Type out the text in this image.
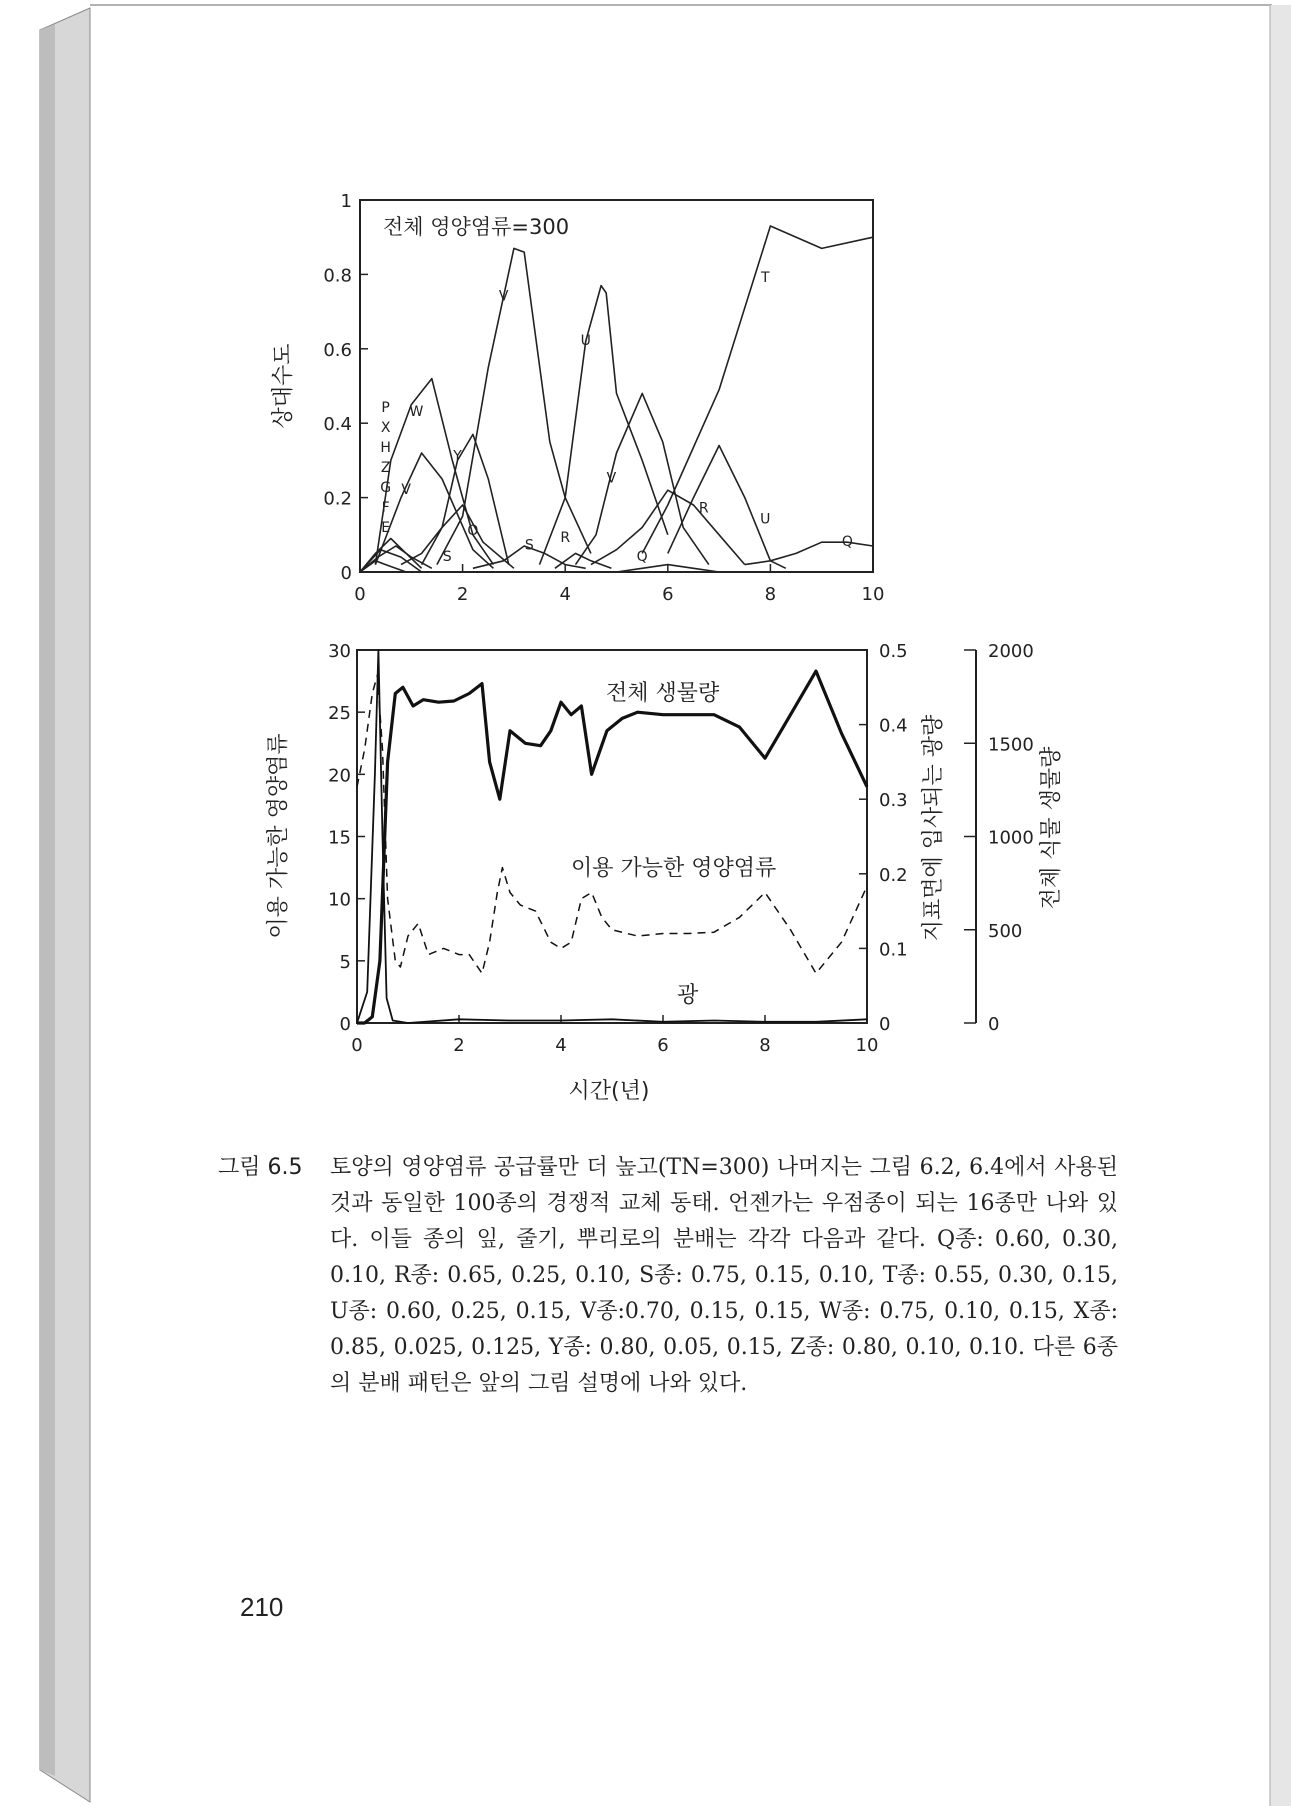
전체 영양염류=300
상대수도
0	2	4	6	8	10
0
0.2
0.4
0.6
0.8
1
T
V
U
W
Y
V
O
S
S R
V
R
U
Q
Q
P
X
H
Z
G
F
E
이용 가능한 영양염류	지표면에 입사되는 광량	전체 식물 생물량
시간(년)
전체 생물량
이용 가능한 영양염류
광
0	2	4	6	8	10
0
5
10
15
20
25
30
0
0.1
0.2
0.3
0.4
0.5
0
500
1000
1500
2000
그림 6.5	토양의 영양염류 공급률만 더 높고(TN=300) 나머지는 그림 6.2, 6.4에서 사용된 것과 동일한 100종의 경쟁적 교체 동태. 언젠가는 우점종이 되는 16종만 나와 있다. 이들 종의 잎, 줄기, 뿌리로의 분배는 각각 다음과 같다. Q종: 0.60, 0.30, 0.10, R종: 0.65, 0.25, 0.10, S종: 0.75, 0.15, 0.10, T종: 0.55, 0.30, 0.15, U종: 0.60, 0.25, 0.15, V종:0.70, 0.15, 0.15, W종: 0.75, 0.10, 0.15, X종: 0.85, 0.025, 0.125, Y종: 0.80, 0.05, 0.15, Z종: 0.80, 0.10, 0.10. 다른 6종의 분배 패턴은 앞의 그림 설명에 나와 있다.
210
